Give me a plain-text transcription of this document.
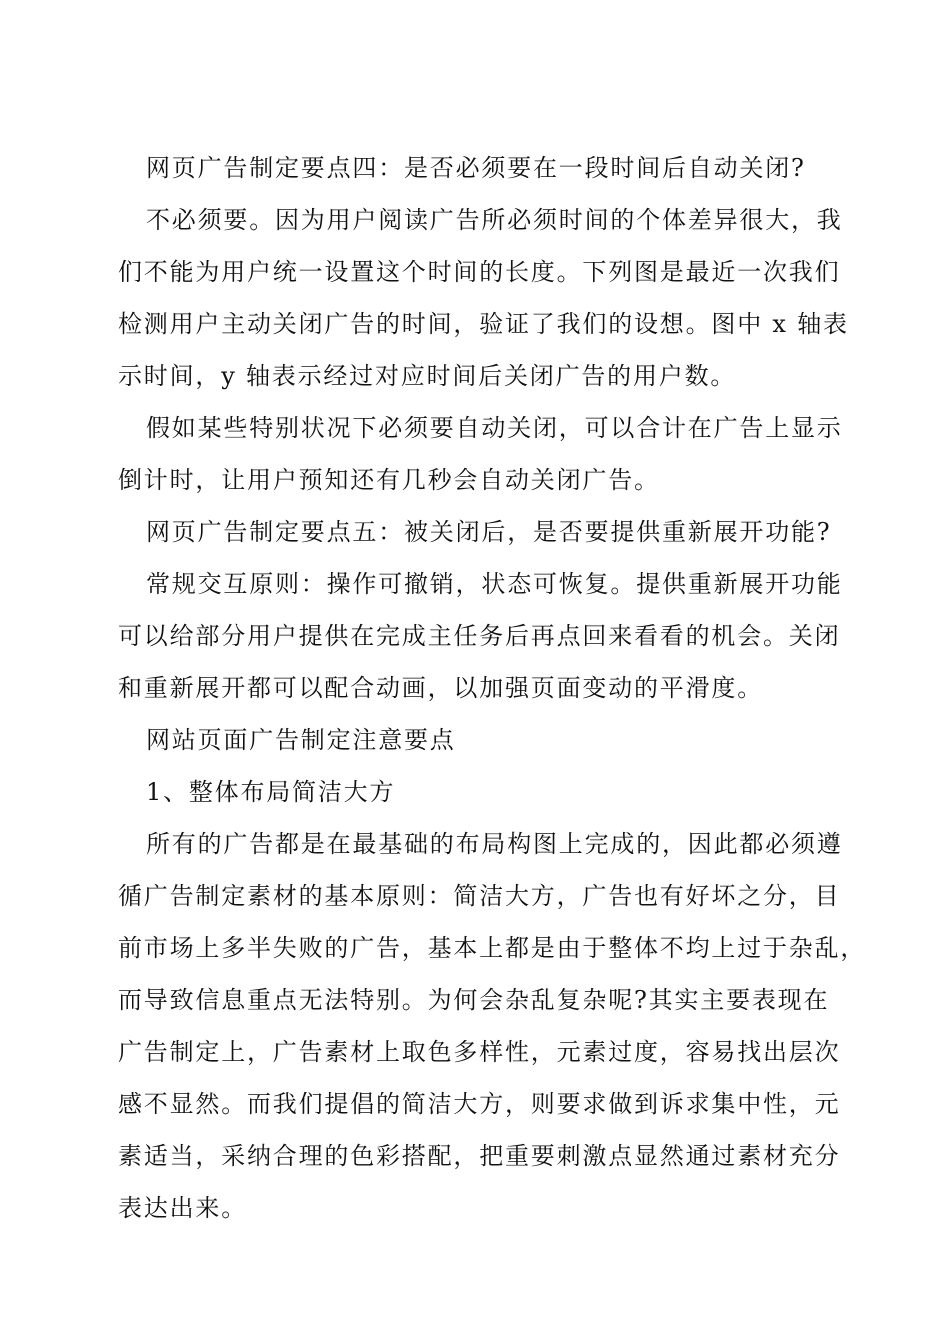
网页广告制定要点四：是否必须要在一段时间后自动关闭?
不必须要。因为用户阅读广告所必须时间的个体差异很大，我
们不能为用户统一设置这个时间的长度。下列图是最近一次我们
检测用户主动关闭广告的时间，验证了我们的设想。图中 x 轴表
示时间，y 轴表示经过对应时间后关闭广告的用户数。
假如某些特别状况下必须要自动关闭，可以合计在广告上显示
倒计时，让用户预知还有几秒会自动关闭广告。
网页广告制定要点五：被关闭后，是否要提供重新展开功能?
常规交互原则：操作可撤销，状态可恢复。提供重新展开功能
可以给部分用户提供在完成主任务后再点回来看看的机会。关闭
和重新展开都可以配合动画，以加强页面变动的平滑度。
网站页面广告制定注意要点
1、整体布局简洁大方
所有的广告都是在最基础的布局构图上完成的，因此都必须遵
循广告制定素材的基本原则：简洁大方，广告也有好坏之分，目
前市场上多半失败的广告，基本上都是由于整体不均上过于杂乱，
而导致信息重点无法特别。为何会杂乱复杂呢?其实主要表现在
广告制定上，广告素材上取色多样性，元素过度，容易找出层次
感不显然。而我们提倡的简洁大方，则要求做到诉求集中性，元
素适当，采纳合理的色彩搭配，把重要刺激点显然通过素材充分
表达出来。
